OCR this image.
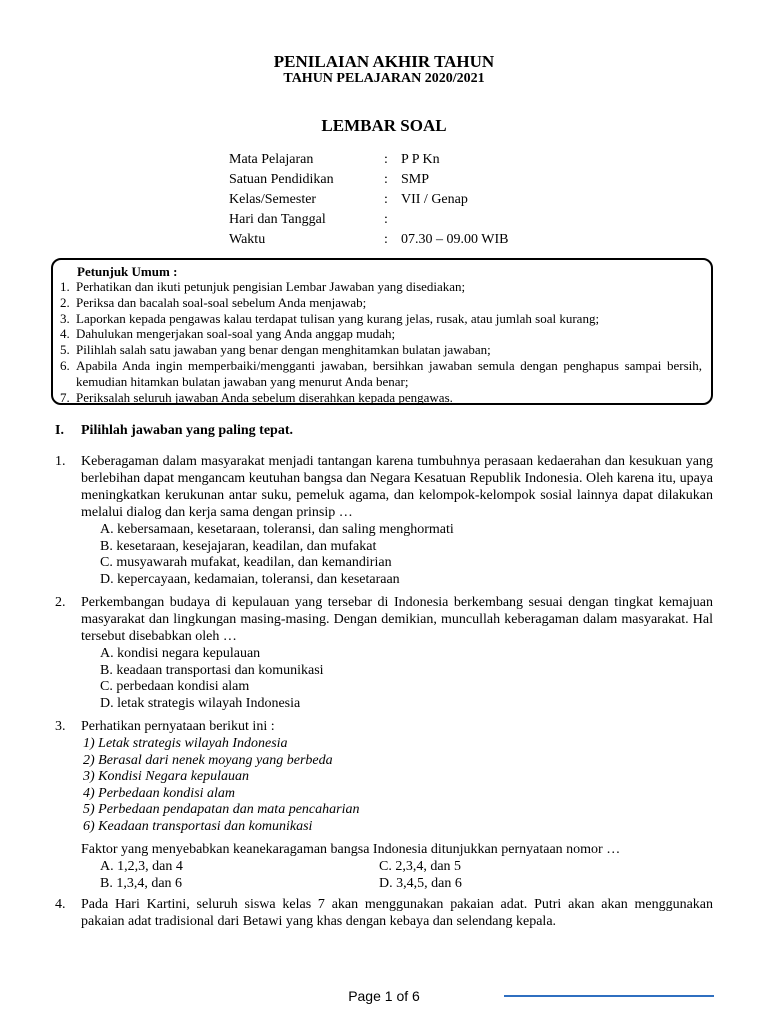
PENILAIAN AKHIR TAHUN
TAHUN PELAJARAN 2020/2021
LEMBAR SOAL
Mata Pelajaran	: P P Kn
Satuan Pendidikan	: SMP
Kelas/Semester	: VII / Genap
Hari dan Tanggal	:
Waktu	: 07.30 – 09.00 WIB
Petunjuk Umum :
1. Perhatikan dan ikuti petunjuk pengisian Lembar Jawaban yang disediakan;
2. Periksa dan bacalah soal-soal sebelum Anda menjawab;
3. Laporkan kepada pengawas kalau terdapat tulisan yang kurang jelas, rusak, atau jumlah soal kurang;
4. Dahulukan mengerjakan soal-soal yang Anda anggap mudah;
5. Pilihlah salah satu jawaban yang benar dengan menghitamkan bulatan jawaban;
6. Apabila Anda ingin memperbaiki/mengganti jawaban, bersihkan jawaban semula dengan penghapus sampai bersih, kemudian hitamkan bulatan jawaban yang menurut Anda benar;
7. Periksalah seluruh jawaban Anda sebelum diserahkan kepada pengawas.
I. Pilihlah jawaban yang paling tepat.
1. Keberagaman dalam masyarakat menjadi tantangan karena tumbuhnya perasaan kedaerahan dan kesukuan yang berlebihan dapat mengancam keutuhan bangsa dan Negara Kesatuan Republik Indonesia. Oleh karena itu, upaya meningkatkan kerukunan antar suku, pemeluk agama, dan kelompok-kelompok sosial lainnya dapat dilakukan melalui dialog dan kerja sama dengan prinsip …
A. kebersamaan, kesetaraan, toleransi, dan saling menghormati
B. kesetaraan, kesejajaran, keadilan, dan mufakat
C. musyawarah mufakat, keadilan, dan kemandirian
D. kepercayaan, kedamaian, toleransi, dan kesetaraan
2. Perkembangan budaya di kepulauan yang tersebar di Indonesia berkembang sesuai dengan tingkat kemajuan masyarakat dan lingkungan masing-masing. Dengan demikian, muncullah keberagaman dalam masyarakat. Hal tersebut disebabkan oleh …
A. kondisi negara kepulauan
B. keadaan transportasi dan komunikasi
C. perbedaan kondisi alam
D. letak strategis wilayah Indonesia
3. Perhatikan pernyataan berikut ini :
1) Letak strategis wilayah Indonesia
2) Berasal dari nenek moyang yang berbeda
3) Kondisi Negara kepulauan
4) Perbedaan kondisi alam
5) Perbedaan pendapatan dan mata pencaharian
6) Keadaan transportasi dan komunikasi
Faktor yang menyebabkan keanekaragaman bangsa Indonesia ditunjukkan pernyataan nomor …
A. 1,2,3, dan 4	C. 2,3,4, dan 5
B. 1,3,4, dan 6	D. 3,4,5, dan 6
4. Pada Hari Kartini, seluruh siswa kelas 7 akan menggunakan pakaian adat. Putri akan akan menggunakan pakaian adat tradisional dari Betawi yang khas dengan kebaya dan selendang kepala.
Page 1 of 6
